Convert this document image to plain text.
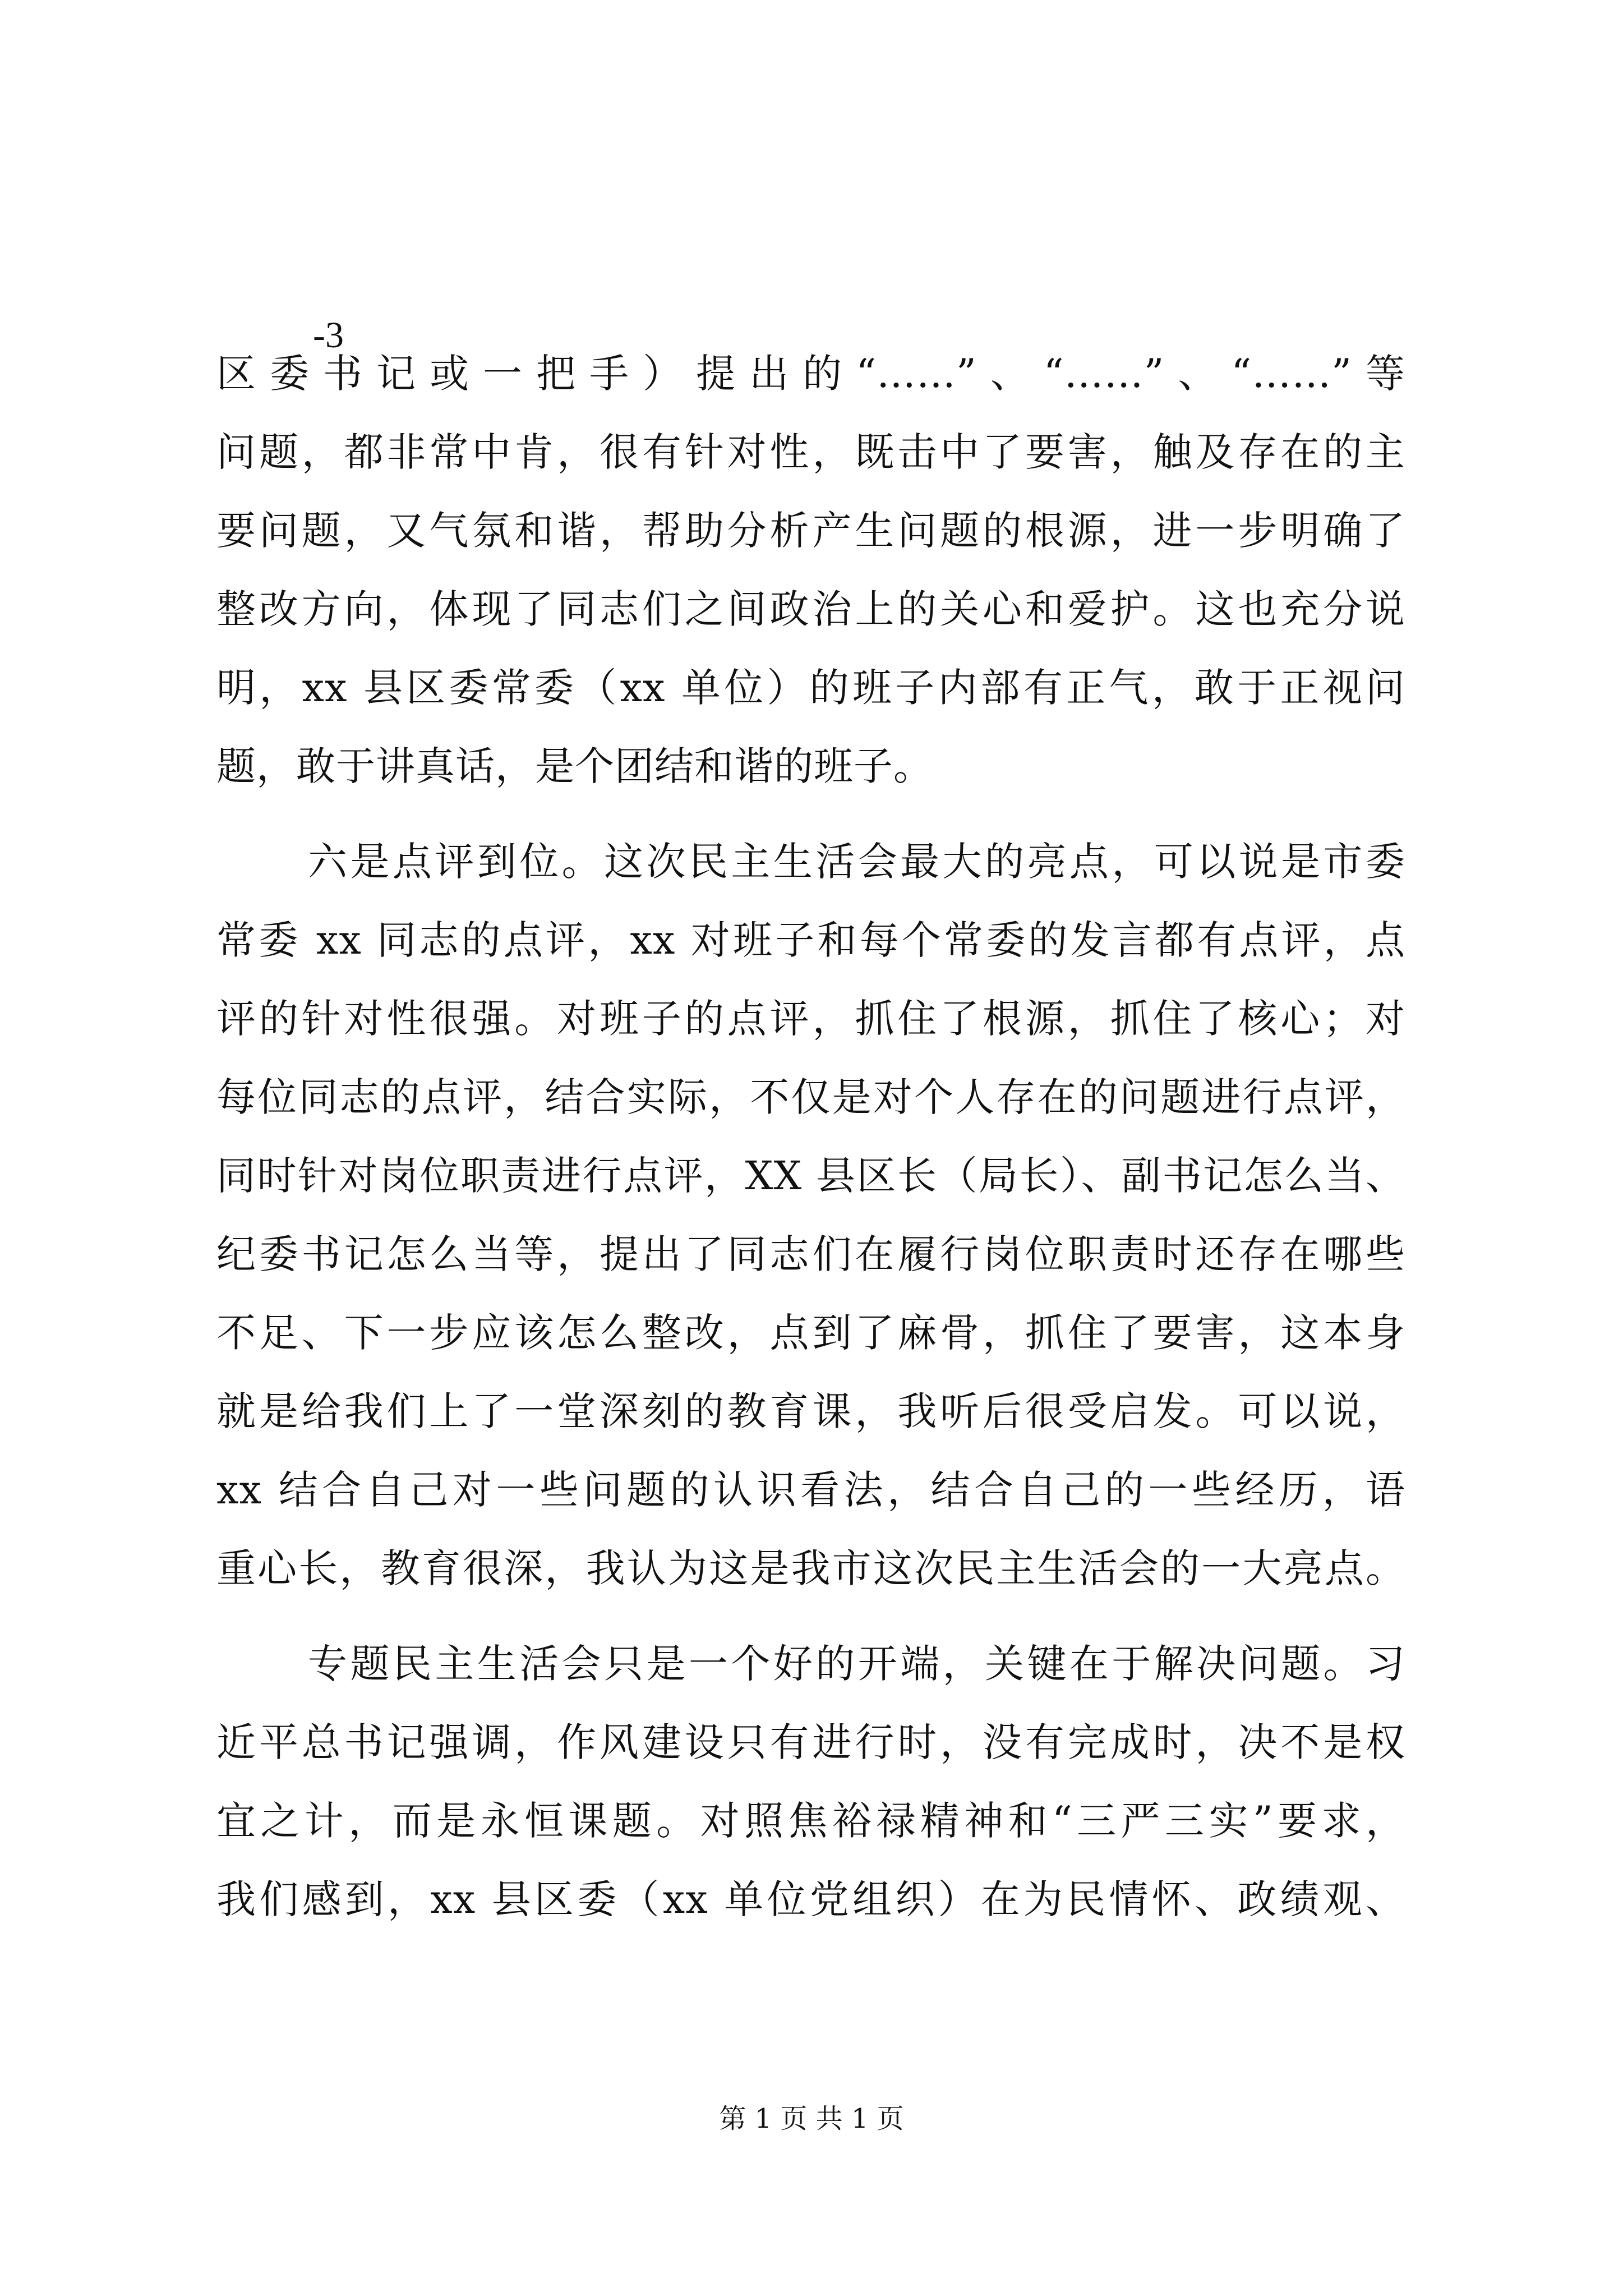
-3
区委书记或一把手）提出的“……”、“……”、“……”等
问题，都非常中肯，很有针对性，既击中了要害，触及存在的主
要问题，又气氛和谐，帮助分析产生问题的根源，进一步明确了
整改方向，体现了同志们之间政治上的关心和爱护。这也充分说
明，xx 县区委常委（xx 单位）的班子内部有正气，敢于正视问
题，敢于讲真话，是个团结和谐的班子。
六是点评到位。这次民主生活会最大的亮点，可以说是市委
常委 xx 同志的点评，xx 对班子和每个常委的发言都有点评，点
评的针对性很强。对班子的点评，抓住了根源，抓住了核心；对
每位同志的点评，结合实际，不仅是对个人存在的问题进行点评，
同时针对岗位职责进行点评，XX 县区长（局长）、副书记怎么当、
纪委书记怎么当等，提出了同志们在履行岗位职责时还存在哪些
不足、下一步应该怎么整改，点到了麻骨，抓住了要害，这本身
就是给我们上了一堂深刻的教育课，我听后很受启发。可以说，
xx 结合自己对一些问题的认识看法，结合自己的一些经历，语
重心长，教育很深，我认为这是我市这次民主生活会的一大亮点。
专题民主生活会只是一个好的开端，关键在于解决问题。习
近平总书记强调，作风建设只有进行时，没有完成时，决不是权
宜之计，而是永恒课题。对照焦裕禄精神和“三严三实”要求，
我们感到，xx 县区委（xx 单位党组织）在为民情怀、政绩观、
第 1 页 共 1 页
